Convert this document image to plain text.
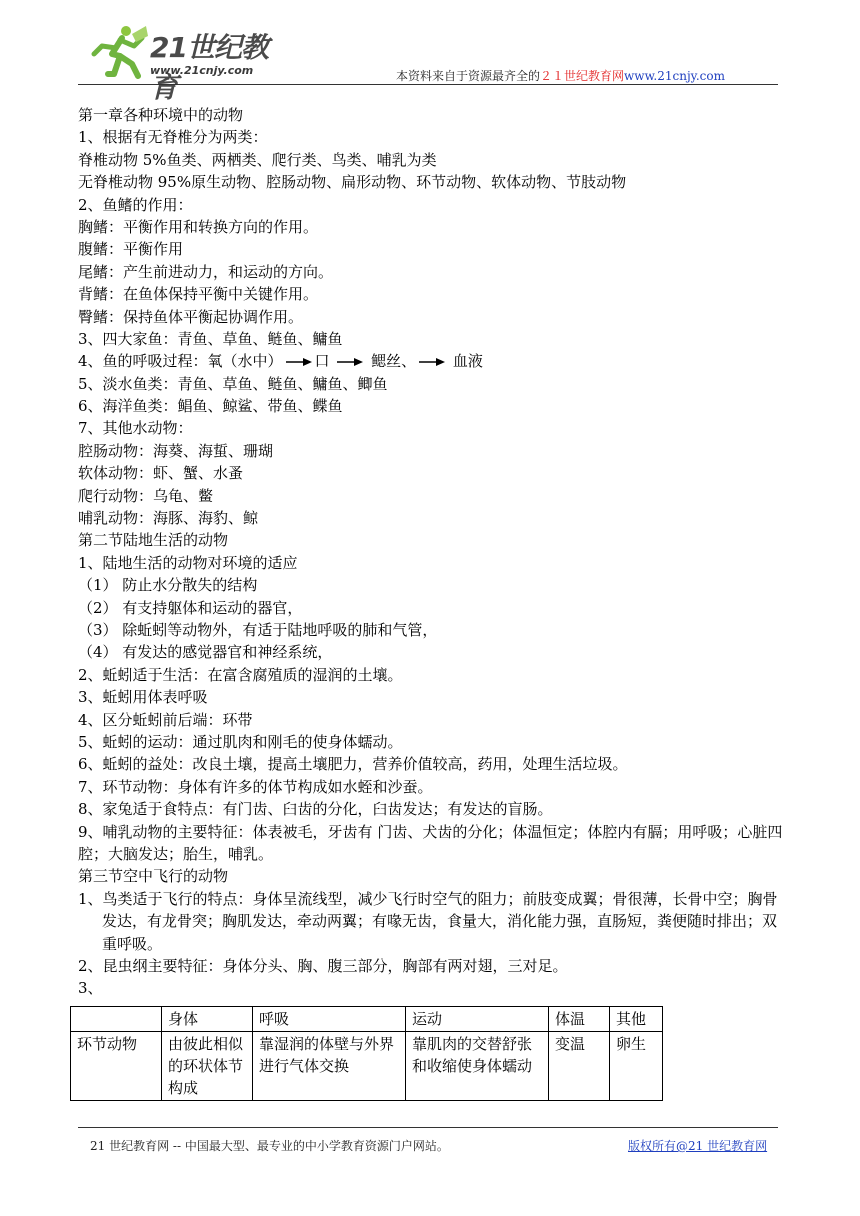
21世纪教育
www.21cnjy.com	本资料来自于资源最齐全的２１世纪教育网www.21cnjy.com
第一章各种环境中的动物
1、根据有无脊椎分为两类：
脊椎动物 5%鱼类、两栖类、爬行类、鸟类、哺乳为类
无脊椎动物 95%原生动物、腔肠动物、扁形动物、环节动物、软体动物、节肢动物
2、鱼鳍的作用：
胸鳍：平衡作用和转换方向的作用。
腹鳍：平衡作用
尾鳍：产生前进动力，和运动的方向。
背鳍：在鱼体保持平衡中关键作用。
臀鳍：保持鱼体平衡起协调作用。
3、四大家鱼：青鱼、草鱼、鲢鱼、鳙鱼
4、鱼的呼吸过程：氧（水中） 口	鳃丝、 血液
5、淡水鱼类：青鱼、草鱼、鲢鱼、鳙鱼、鲫鱼
6、海洋鱼类：鲳鱼、鲸鲨、带鱼、鲽鱼
7、其他水动物：
腔肠动物：海葵、海蜇、珊瑚
软体动物：虾、蟹、水蚤
爬行动物：乌龟、鳖
哺乳动物：海豚、海豹、鲸
第二节陆地生活的动物
1、陆地生活的动物对环境的适应
（1） 防止水分散失的结构
（2） 有支持躯体和运动的器官，
（3） 除蚯蚓等动物外，有适于陆地呼吸的肺和气管，
（4） 有发达的感觉器官和神经系统，
2、蚯蚓适于生活：在富含腐殖质的湿润的土壤。
3、蚯蚓用体表呼吸
4、区分蚯蚓前后端：环带
5、蚯蚓的运动：通过肌肉和刚毛的使身体蠕动。
6、蚯蚓的益处：改良土壤，提高土壤肥力，营养价值较高，药用，处理生活垃圾。
7、环节动物：身体有许多的体节构成如水蛭和沙蚕。
8、家兔适于食特点：有门齿、臼齿的分化，臼齿发达；有发达的盲肠。
9、哺乳动物的主要特征：体表被毛，牙齿有 门齿、犬齿的分化；体温恒定；体腔内有膈；用呼吸；心脏四腔；大脑发达；胎生，哺乳。
第三节空中飞行的动物
1、鸟类适于飞行的特点：身体呈流线型，减少飞行时空气的阻力；前肢变成翼；骨很薄，长骨中空；胸骨发达，有龙骨突；胸肌发达，牵动两翼；有喙无齿，食量大，消化能力强，直肠短，粪便随时排出；双重呼吸。
2、昆虫纲主要特征：身体分头、胸、腹三部分，胸部有两对翅，三对足。
3、
	身体	呼吸	运动	体温	其他
环节动物	由彼此相似的环状体节构成	靠湿润的体壁与外界进行气体交换	靠肌肉的交替舒张和收缩使身体蠕动	变温	卵生
21 世纪教育网 -- 中国最大型、最专业的中小学教育资源门户网站。	版权所有@21 世纪教育网
